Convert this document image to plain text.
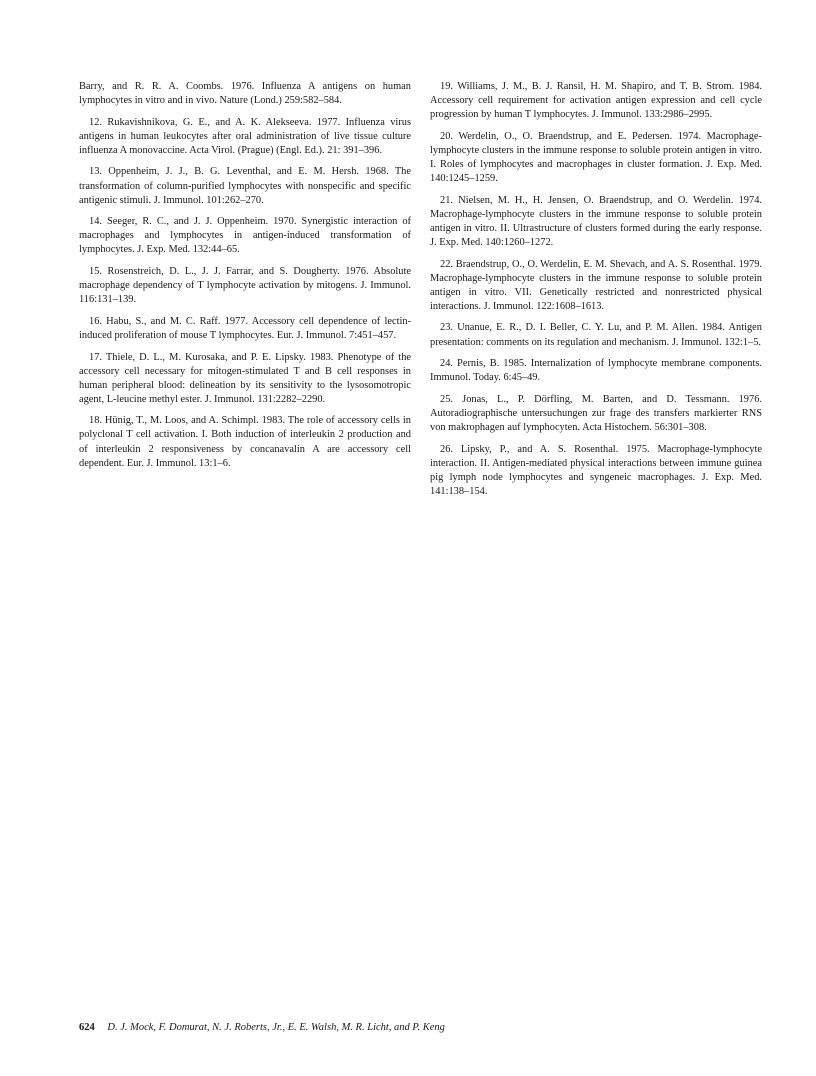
Barry, and R. R. A. Coombs. 1976. Influenza A antigens on human lymphocytes in vitro and in vivo. Nature (Lond.) 259:582–584.

12. Rukavishnikova, G. E., and A. K. Alekseeva. 1977. Influenza virus antigens in human leukocytes after oral administration of live tissue culture influenza A monovaccine. Acta Virol. (Prague) (Engl. Ed.). 21: 391–396.

13. Oppenheim, J. J., B. G. Leventhal, and E. M. Hersh. 1968. The transformation of column-purified lymphocytes with nonspecific and specific antigenic stimuli. J. Immunol. 101:262–270.

14. Seeger, R. C., and J. J. Oppenheim. 1970. Synergistic interaction of macrophages and lymphocytes in antigen-induced transformation of lymphocytes. J. Exp. Med. 132:44–65.

15. Rosenstreich, D. L., J. J. Farrar, and S. Dougherty. 1976. Absolute macrophage dependency of T lymphocyte activation by mitogens. J. Immunol. 116:131–139.

16. Habu, S., and M. C. Raff. 1977. Accessory cell dependence of lectin-induced proliferation of mouse T lymphocytes. Eur. J. Immunol. 7:451–457.

17. Thiele, D. L., M. Kurosaka, and P. E. Lipsky. 1983. Phenotype of the accessory cell necessary for mitogen-stimulated T and B cell responses in human peripheral blood: delineation by its sensitivity to the lysosomotropic agent, L-leucine methyl ester. J. Immunol. 131:2282–2290.

18. Hünig, T., M. Loos, and A. Schimpl. 1983. The role of accessory cells in polyclonal T cell activation. I. Both induction of interleukin 2 production and of interleukin 2 responsiveness by concanavalin A are accessory cell dependent. Eur. J. Immunol. 13:1–6.

19. Williams, J. M., B. J. Ransil, H. M. Shapiro, and T. B. Strom. 1984. Accessory cell requirement for activation antigen expression and cell cycle progression by human T lymphocytes. J. Immunol. 133:2986–2995.

20. Werdelin, O., O. Braendstrup, and E. Pedersen. 1974. Macrophage-lymphocyte clusters in the immune response to soluble protein antigen in vitro. I. Roles of lymphocytes and macrophages in cluster formation. J. Exp. Med. 140:1245–1259.

21. Nielsen, M. H., H. Jensen, O. Braendstrup, and O. Werdelin. 1974. Macrophage-lymphocyte clusters in the immune response to soluble protein antigen in vitro. II. Ultrastructure of clusters formed during the early response. J. Exp. Med. 140:1260–1272.

22. Braendstrup, O., O. Werdelin, E. M. Shevach, and A. S. Rosenthal. 1979. Macrophage-lymphocyte clusters in the immune response to soluble protein antigen in vitro. VII. Genetically restricted and nonrestricted physical interactions. J. Immunol. 122:1608–1613.

23. Unanue, E. R., D. I. Beller, C. Y. Lu, and P. M. Allen. 1984. Antigen presentation: comments on its regulation and mechanism. J. Immunol. 132:1–5.

24. Pernis, B. 1985. Internalization of lymphocyte membrane components. Immunol. Today. 6:45–49.

25. Jonas, L., P. Dörfling, M. Barten, and D. Tessmann. 1976. Autoradiographische untersuchungen zur frage des transfers markierter RNS von makrophagen auf lymphocyten. Acta Histochem. 56:301–308.

26. Lipsky, P., and A. S. Rosenthal. 1975. Macrophage-lymphocyte interaction. II. Antigen-mediated physical interactions between immune guinea pig lymph node lymphocytes and syngeneic macrophages. J. Exp. Med. 141:138–154.

624 D. J. Mock, F. Domurat, N. J. Roberts, Jr., E. E. Walsh, M. R. Licht, and P. Keng
